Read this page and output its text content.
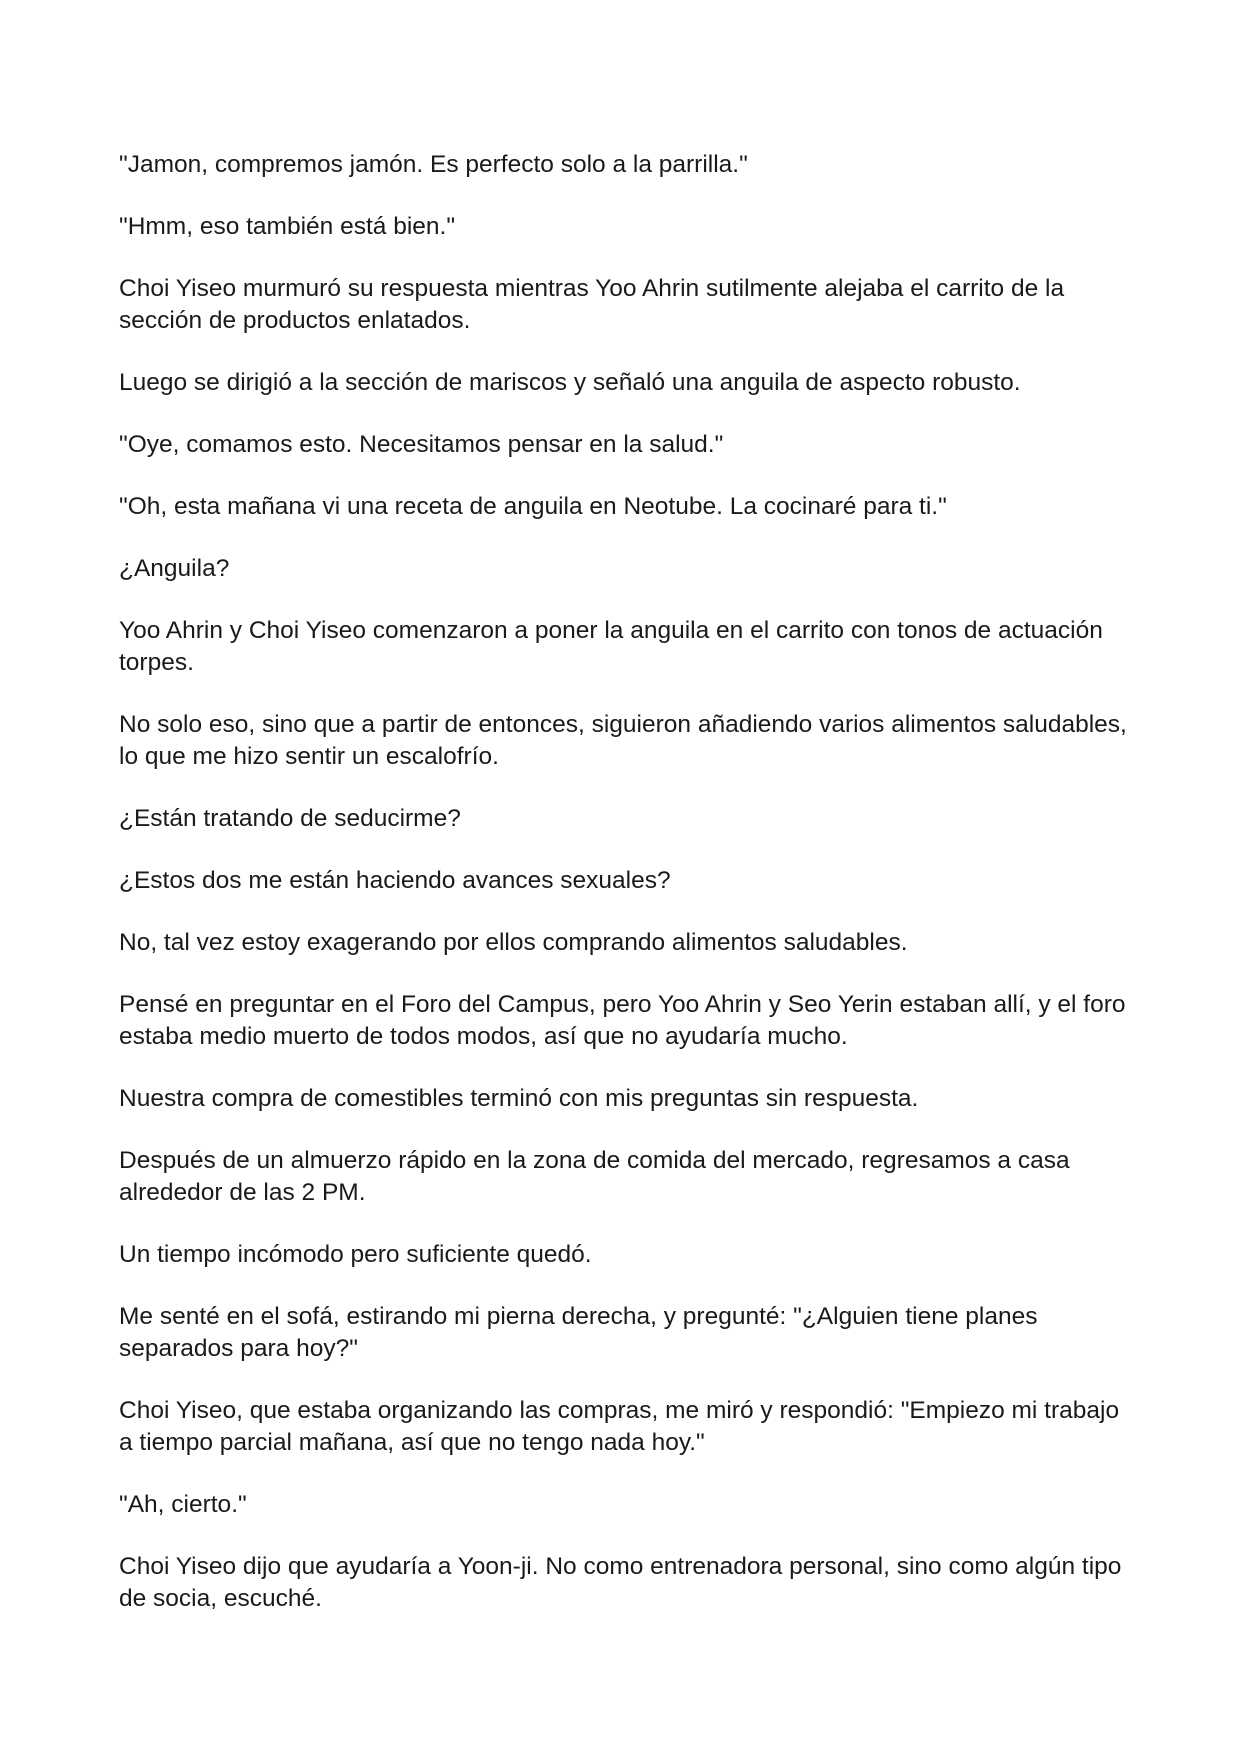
"Jamon, compremos jamón. Es perfecto solo a la parrilla."

"Hmm, eso también está bien."

Choi Yiseo murmuró su respuesta mientras Yoo Ahrin sutilmente alejaba el carrito de la sección de productos enlatados.

Luego se dirigió a la sección de mariscos y señaló una anguila de aspecto robusto.

"Oye, comamos esto. Necesitamos pensar en la salud."

"Oh, esta mañana vi una receta de anguila en Neotube. La cocinaré para ti."

¿Anguila?

Yoo Ahrin y Choi Yiseo comenzaron a poner la anguila en el carrito con tonos de actuación torpes.

No solo eso, sino que a partir de entonces, siguieron añadiendo varios alimentos saludables, lo que me hizo sentir un escalofrío.

¿Están tratando de seducirme?

¿Estos dos me están haciendo avances sexuales?

No, tal vez estoy exagerando por ellos comprando alimentos saludables.

Pensé en preguntar en el Foro del Campus, pero Yoo Ahrin y Seo Yerin estaban allí, y el foro estaba medio muerto de todos modos, así que no ayudaría mucho.

Nuestra compra de comestibles terminó con mis preguntas sin respuesta.

Después de un almuerzo rápido en la zona de comida del mercado, regresamos a casa alrededor de las 2 PM.

Un tiempo incómodo pero suficiente quedó.

Me senté en el sofá, estirando mi pierna derecha, y pregunté: "¿Alguien tiene planes separados para hoy?"

Choi Yiseo, que estaba organizando las compras, me miró y respondió: "Empiezo mi trabajo a tiempo parcial mañana, así que no tengo nada hoy."

"Ah, cierto."

Choi Yiseo dijo que ayudaría a Yoon-ji. No como entrenadora personal, sino como algún tipo de socia, escuché.
